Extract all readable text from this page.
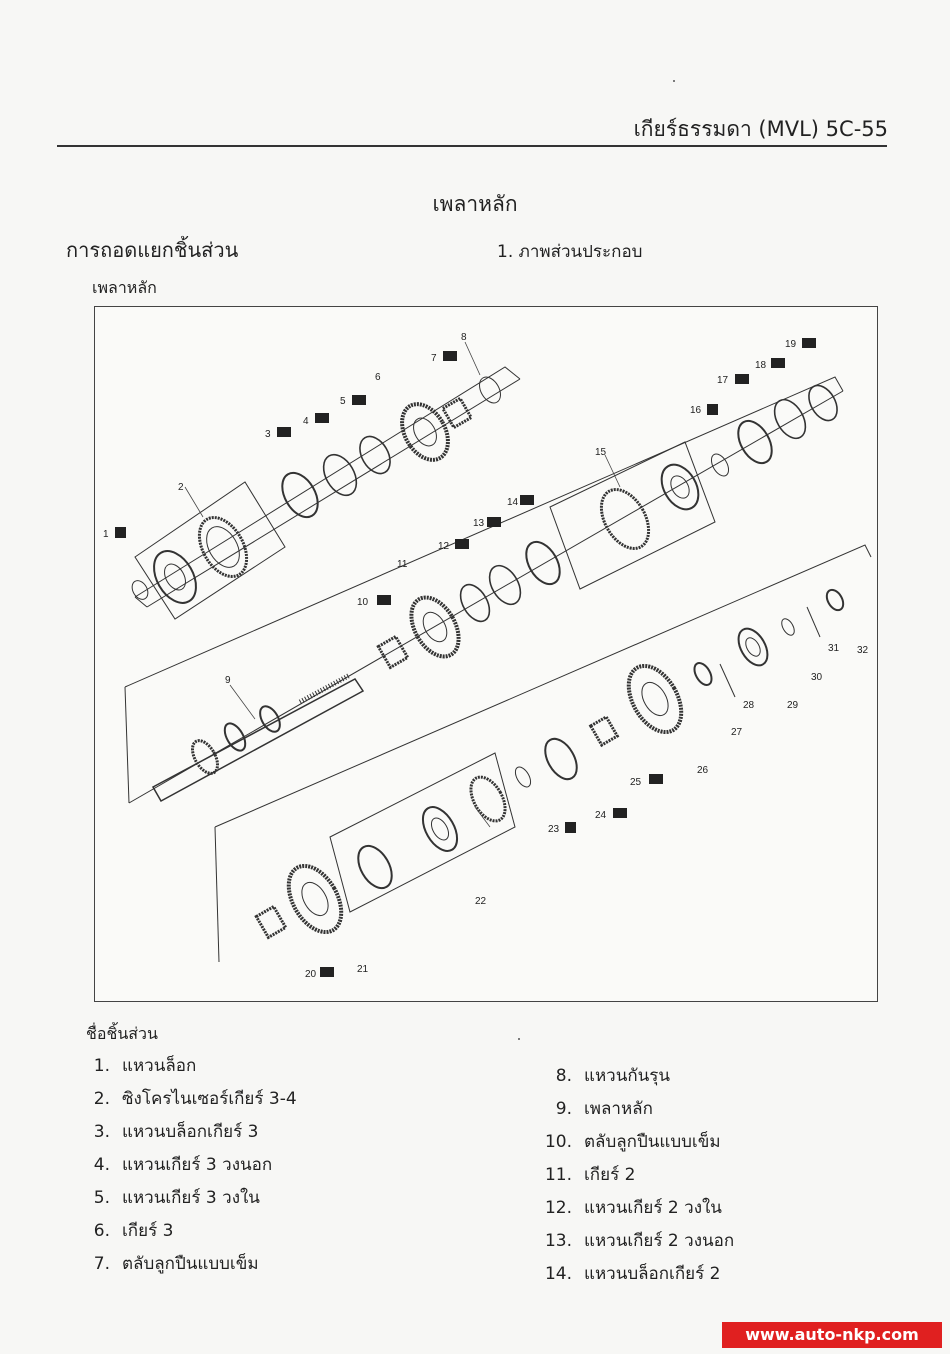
เกียร์ธรรมดา (MVL) 5C-55
เพลาหลัก
การถอดแยกชิ้นส่วน	1. ภาพส่วนประกอบ
เพลาหลัก
1
2
3
4
5
6
7
8
9
10
11
12
13
14
15
16
17
18
19
20	21
22
23
24
25
26
27
28	29
30
31 32
ชื่อชิ้นส่วน
1. แหวนล็อก
2. ซิงโครไนเซอร์เกียร์ 3-4
3. แหวนบล็อกเกียร์ 3
4. แหวนเกียร์ 3 วงนอก
5. แหวนเกียร์ 3 วงใน
6. เกียร์ 3
7. ตลับลูกปืนแบบเข็ม
8. แหวนกันรุน
9. เพลาหลัก
10. ตลับลูกปืนแบบเข็ม
11. เกียร์ 2
12. แหวนเกียร์ 2 วงใน
13. แหวนเกียร์ 2 วงนอก
14. แหวนบล็อกเกียร์ 2
www.auto-nkp.com
